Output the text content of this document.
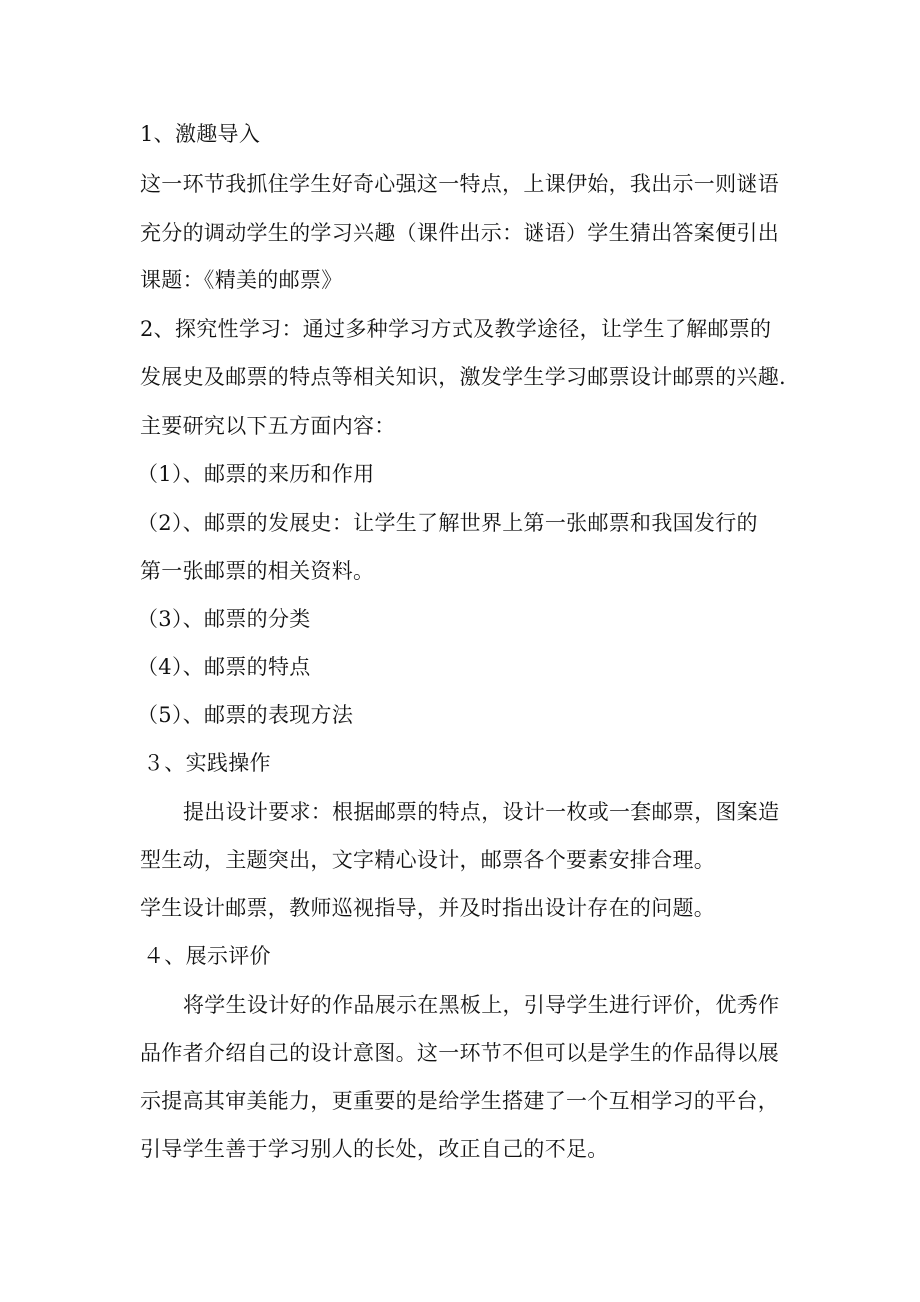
1、激趣导入
这一环节我抓住学生好奇心强这一特点，上课伊始，我出示一则谜语
充分的调动学生的学习兴趣（课件出示：谜语）学生猜出答案便引出
课题：《精美的邮票》
2、探究性学习：通过多种学习方式及教学途径，让学生了解邮票的
发展史及邮票的特点等相关知识，激发学生学习邮票设计邮票的兴趣.
主要研究以下五方面内容：
（1）、邮票的来历和作用
（2）、邮票的发展史：让学生了解世界上第一张邮票和我国发行的
第一张邮票的相关资料。
（3）、邮票的分类
（4）、邮票的特点
（5）、邮票的表现方法
３、实践操作
提出设计要求：根据邮票的特点，设计一枚或一套邮票，图案造
型生动，主题突出，文字精心设计，邮票各个要素安排合理。
学生设计邮票，教师巡视指导，并及时指出设计存在的问题。
４、展示评价
将学生设计好的作品展示在黑板上，引导学生进行评价，优秀作
品作者介绍自己的设计意图。这一环节不但可以是学生的作品得以展
示提高其审美能力，更重要的是给学生搭建了一个互相学习的平台，
引导学生善于学习别人的长处，改正自己的不足。
